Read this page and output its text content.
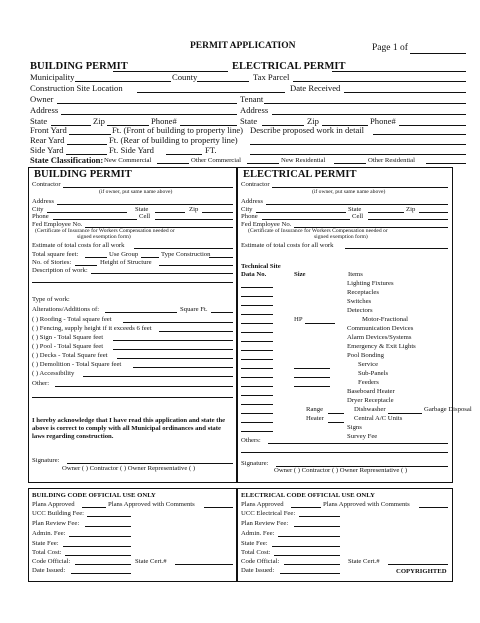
PERMIT APPLICATION	Page 1 of
BUILDING PERMIT	ELECTRICAL PERMIT
Municipality	County	Tax Parcel
Construction Site Location	Date Received
Owner	Tenant
Address	Address
State	Zip	Phone#	State	Zip	Phone#
Front Yard	Ft. (Front of building to property line) Describe proposed work in detail
Rear Yard	Ft. (Rear of building to property line)
Side Yard	Ft. Side Yard	FT.
State Classification: New Commercial	Other Commercial	New Residential	Other Residential
BUILDING PERMIT
Contractor
(if owner, put same name above)
Address
City	State	Zip
Phone	Cell
Fed Employee No.
(Certificate of Insurance for Workers Compensation needed or
signed exemption form)
Estimate of total costs for all work
Total square feet:	Use Group	Type Construction
No. of Stories:	Height of Structure
Description of work:
Type of work:
Alterations/Additions of:	Square Ft.
( ) Roofing - Total square feet
( ) Fencing, supply height if it exceeds 6 feet
( ) Sign - Total Square feet
( ) Pool - Total Square feet
( ) Decks - Total Square feet
( ) Demolition - Total Square feet
( ) Accessibility
Other:
I hereby acknowledge that I have read this application and state the
above is correct to comply with all Municipal ordinances and state
laws regarding construction.
Signature:
Owner ( ) Contractor ( ) Owner Representative ( )
ELECTRICAL PERMIT
Contractor
(if owner, put same name above)
Address
City	State	Zip
Phone	Cell
Fed Employee No.
(Certificate of Insurance for Workers Compensation needed or
signed exemption form)
Estimate of total costs for all work
Technical Site
Data No.	Size	Items
Lighting Fixtures
Receptacles
Switches
Detectors
HP	Motor-Fractional
Communication Devices
Alarm Devices/Systems
Emergency & Exit Lights
Pool Bonding
Service
Sub-Panels
Feeders
Baseboard Heater
Dryer Receptacle
Range	Dishwasher	Garbage Disposal
Heater	Central A/C Units
Signs
Survey Fee
Others:
Signature:
Owner ( ) Contractor ( ) Owner Representative ( )
BUILDING CODE OFFICIAL USE ONLY
Plans Approved	Plans Approved with Comments
UCC Building Fee:
Plan Review Fee:
Admin. Fee:
State Fee:
Total Cost:
Code Official:	State Cert.#
Date Issued:
ELECTRICAL CODE OFFICIAL USE ONLY
Plans Approved	Plans Approved with Comments
UCC Electrical Fee:
Plan Review Fee:
Admin. Fee:
State Fee:
Total Cost:
Code Official:	State Cert.#
Date Issued:	COPYRIGHTED
